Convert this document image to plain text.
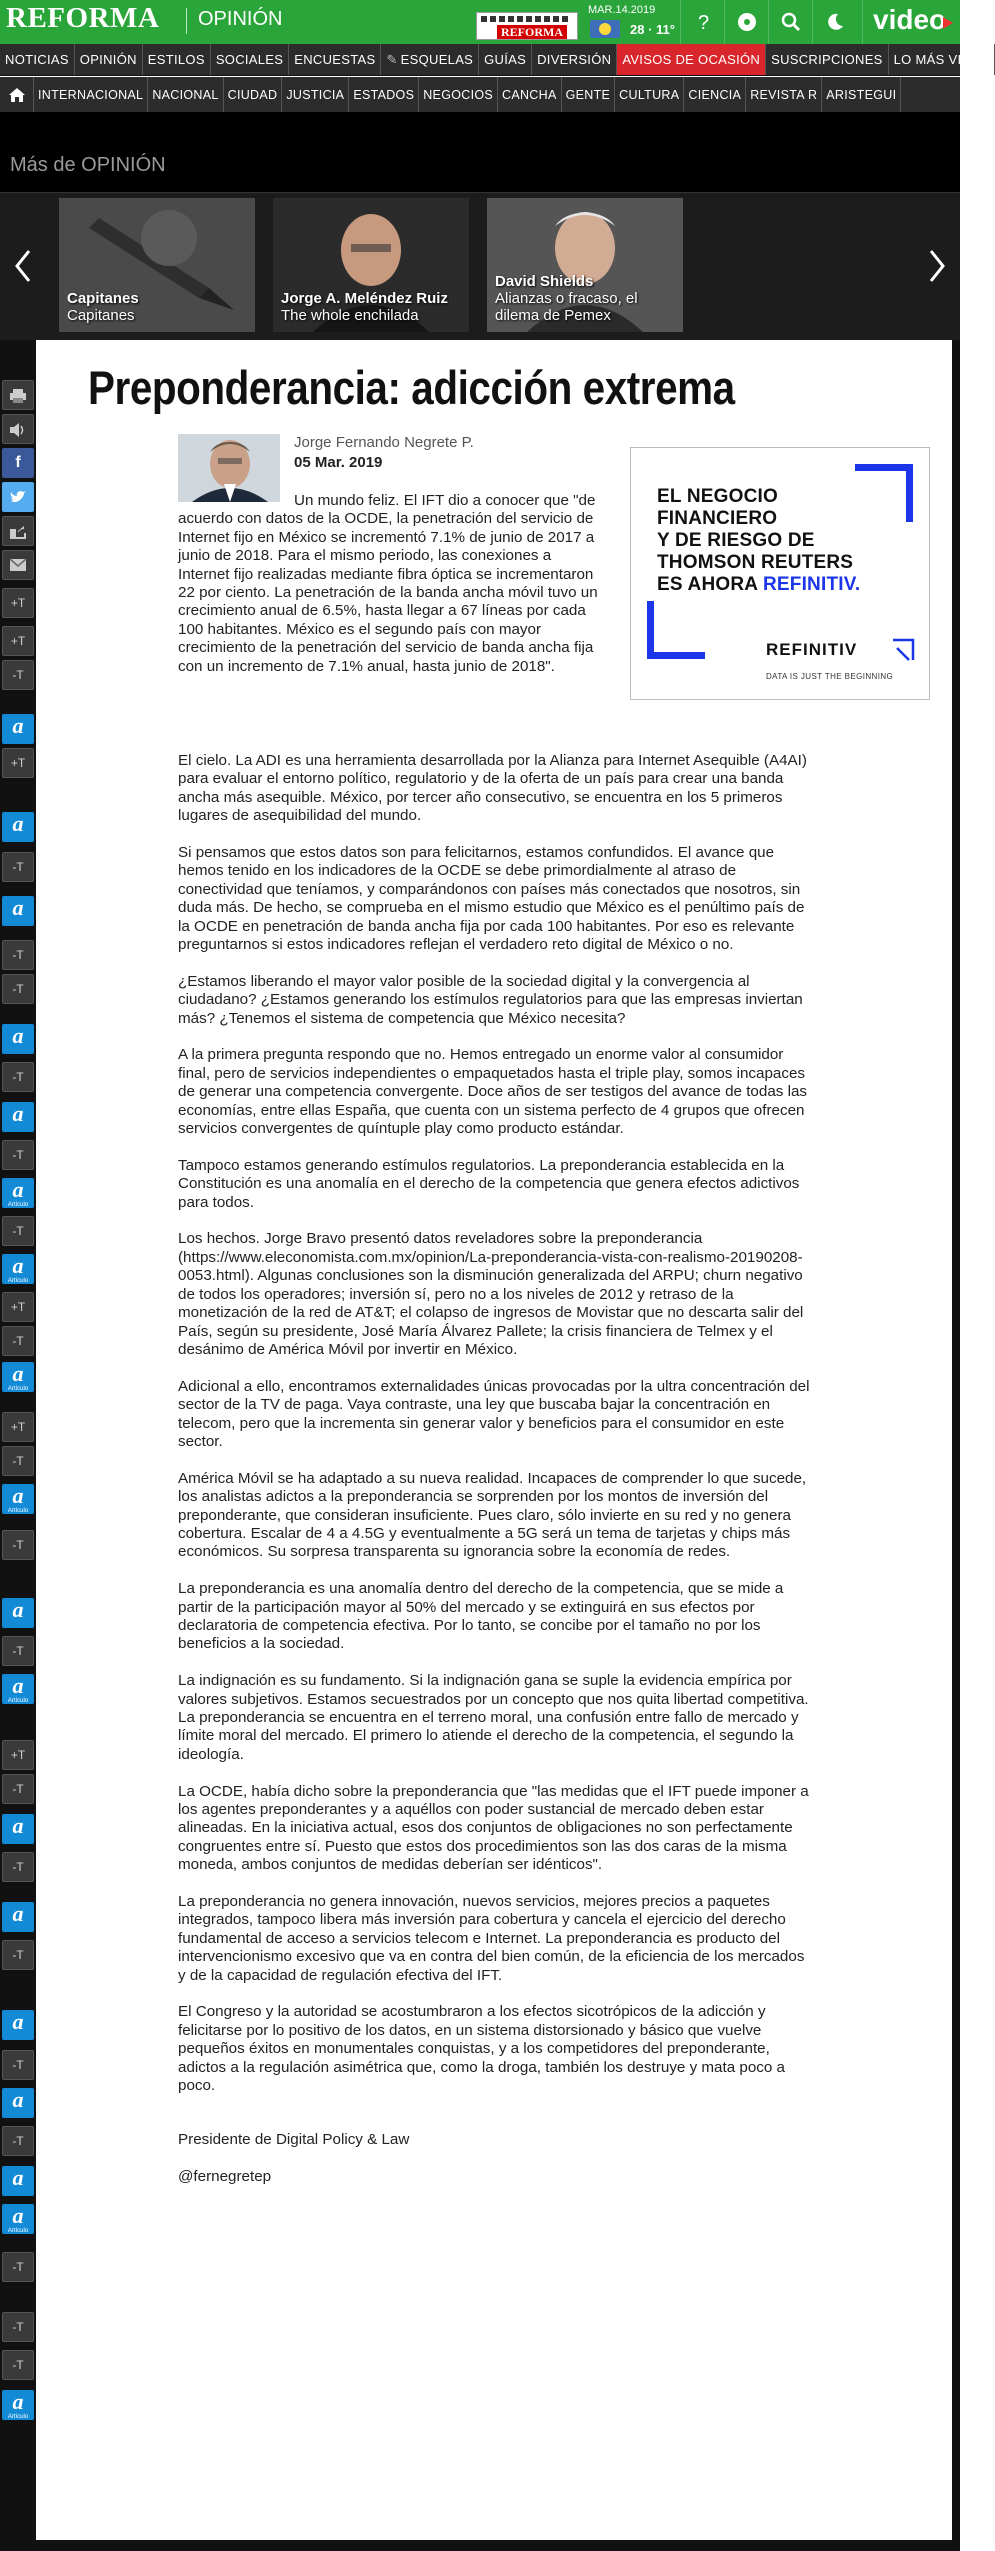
REFORMA OPINIÓN
REFORMA
MAR.14.2019
28 · 11° ?	video
NOTICIAS OPINIÓN ESTILOS SOCIALES ENCUESTAS ✎ ESQUELAS GUÍAS DIVERSIÓN AVISOS DE OCASIÓN SUSCRIPCIONES LO MÁS VISTO
INTERNACIONAL NACIONAL CIUDAD JUSTICIA ESTADOS NEGOCIOS CANCHA GENTE CULTURA CIENCIA REVISTA R ARISTEGUI
Más de OPINIÓN
Capitanes
Capitanes
Jorge A. Meléndez Ruiz
The whole enchilada
David Shields
Alianzas o fracaso, el dilema de Pemex
f
+T
+T
-T
a
+T
a
-T
a
-T
-T
a
-T
a
-T
a
Artículo
-T
a
Artículo
+T
-T
a
Artículo
+T
-T
a
Artículo
-T
a
-T
a
Artículo
+T
-T
a
-T
a
-T
a
-T
a
-T
a
a
Artículo
-T
-T
-T
a
Artículo
Preponderancia: adicción extrema
Jorge Fernando Negrete P.
05 Mar. 2019

Un mundo feliz. El IFT dio a conocer que "de acuerdo con datos de la OCDE, la penetración del servicio de Internet fijo en México se incrementó 7.1% de junio de 2017 a junio de 2018. Para el mismo periodo, las conexiones a Internet fijo realizadas mediante fibra óptica se incrementaron 22 por ciento. La penetración de la banda ancha móvil tuvo un crecimiento anual de 6.5%, hasta llegar a 67 líneas por cada 100 habitantes. México es el segundo país con mayor crecimiento de la penetración del servicio de banda ancha fija con un incremento de 7.1% anual, hasta junio de 2018".

EL NEGOCIO
FINANCIERO
Y DE RIESGO DE
THOMSON REUTERS
ES AHORA REFINITIV.
REFINITIV
DATA IS JUST THE BEGINNING

El cielo. La ADI es una herramienta desarrollada por la Alianza para Internet Asequible (A4AI) para evaluar el entorno político, regulatorio y de la oferta de un país para crear una banda ancha más asequible. México, por tercer año consecutivo, se encuentra en los 5 primeros lugares de asequibilidad del mundo.

Si pensamos que estos datos son para felicitarnos, estamos confundidos. El avance que hemos tenido en los indicadores de la OCDE se debe primordialmente al atraso de conectividad que teníamos, y comparándonos con países más conectados que nosotros, sin duda más. De hecho, se comprueba en el mismo estudio que México es el penúltimo país de la OCDE en penetración de banda ancha fija por cada 100 habitantes. Por eso es relevante preguntarnos si estos indicadores reflejan el verdadero reto digital de México o no.

¿Estamos liberando el mayor valor posible de la sociedad digital y la convergencia al ciudadano? ¿Estamos generando los estímulos regulatorios para que las empresas inviertan más? ¿Tenemos el sistema de competencia que México necesita?

A la primera pregunta respondo que no. Hemos entregado un enorme valor al consumidor final, pero de servicios independientes o empaquetados hasta el triple play, somos incapaces de generar una competencia convergente. Doce años de ser testigos del avance de todas las economías, entre ellas España, que cuenta con un sistema perfecto de 4 grupos que ofrecen servicios convergentes de quíntuple play como producto estándar.

Tampoco estamos generando estímulos regulatorios. La preponderancia establecida en la Constitución es una anomalía en el derecho de la competencia que genera efectos adictivos para todos.

Los hechos. Jorge Bravo presentó datos reveladores sobre la preponderancia (https://www.eleconomista.com.mx/opinion/La-preponderancia-vista-con-realismo-20190208-0053.html). Algunas conclusiones son la disminución generalizada del ARPU; churn negativo de todos los operadores; inversión sí, pero no a los niveles de 2012 y retraso de la monetización de la red de AT&T; el colapso de ingresos de Movistar que no descarta salir del País, según su presidente, José María Álvarez Pallete; la crisis financiera de Telmex y el desánimo de América Móvil por invertir en México.

Adicional a ello, encontramos externalidades únicas provocadas por la ultra concentración del sector de la TV de paga. Vaya contraste, una ley que buscaba bajar la concentración en telecom, pero que la incrementa sin generar valor y beneficios para el consumidor en este sector.

América Móvil se ha adaptado a su nueva realidad. Incapaces de comprender lo que sucede, los analistas adictos a la preponderancia se sorprenden por los montos de inversión del preponderante, que consideran insuficiente. Pues claro, sólo invierte en su red y no genera cobertura. Escalar de 4 a 4.5G y eventualmente a 5G será un tema de tarjetas y chips más económicos. Su sorpresa transparenta su ignorancia sobre la economía de redes.

La preponderancia es una anomalía dentro del derecho de la competencia, que se mide a partir de la participación mayor al 50% del mercado y se extinguirá en sus efectos por declaratoria de competencia efectiva. Por lo tanto, se concibe por el tamaño no por los beneficios a la sociedad.

La indignación es su fundamento. Si la indignación gana se suple la evidencia empírica por valores subjetivos. Estamos secuestrados por un concepto que nos quita libertad competitiva. La preponderancia se encuentra en el terreno moral, una confusión entre fallo de mercado y límite moral del mercado. El primero lo atiende el derecho de la competencia, el segundo la ideología.

La OCDE, había dicho sobre la preponderancia que "las medidas que el IFT puede imponer a los agentes preponderantes y a aquéllos con poder sustancial de mercado deben estar alineadas. En la iniciativa actual, esos dos conjuntos de obligaciones no son perfectamente congruentes entre sí. Puesto que estos dos procedimientos son las dos caras de la misma moneda, ambos conjuntos de medidas deberían ser idénticos".

La preponderancia no genera innovación, nuevos servicios, mejores precios a paquetes integrados, tampoco libera más inversión para cobertura y cancela el ejercicio del derecho fundamental de acceso a servicios telecom e Internet. La preponderancia es producto del intervencionismo excesivo que va en contra del bien común, de la eficiencia de los mercados y de la capacidad de regulación efectiva del IFT.

El Congreso y la autoridad se acostumbraron a los efectos sicotrópicos de la adicción y felicitarse por lo positivo de los datos, en un sistema distorsionado y básico que vuelve pequeños éxitos en monumentales conquistas, y a los competidores del preponderante, adictos a la regulación asimétrica que, como la droga, también los destruye y mata poco a poco.

Presidente de Digital Policy & Law

@fernegretep
